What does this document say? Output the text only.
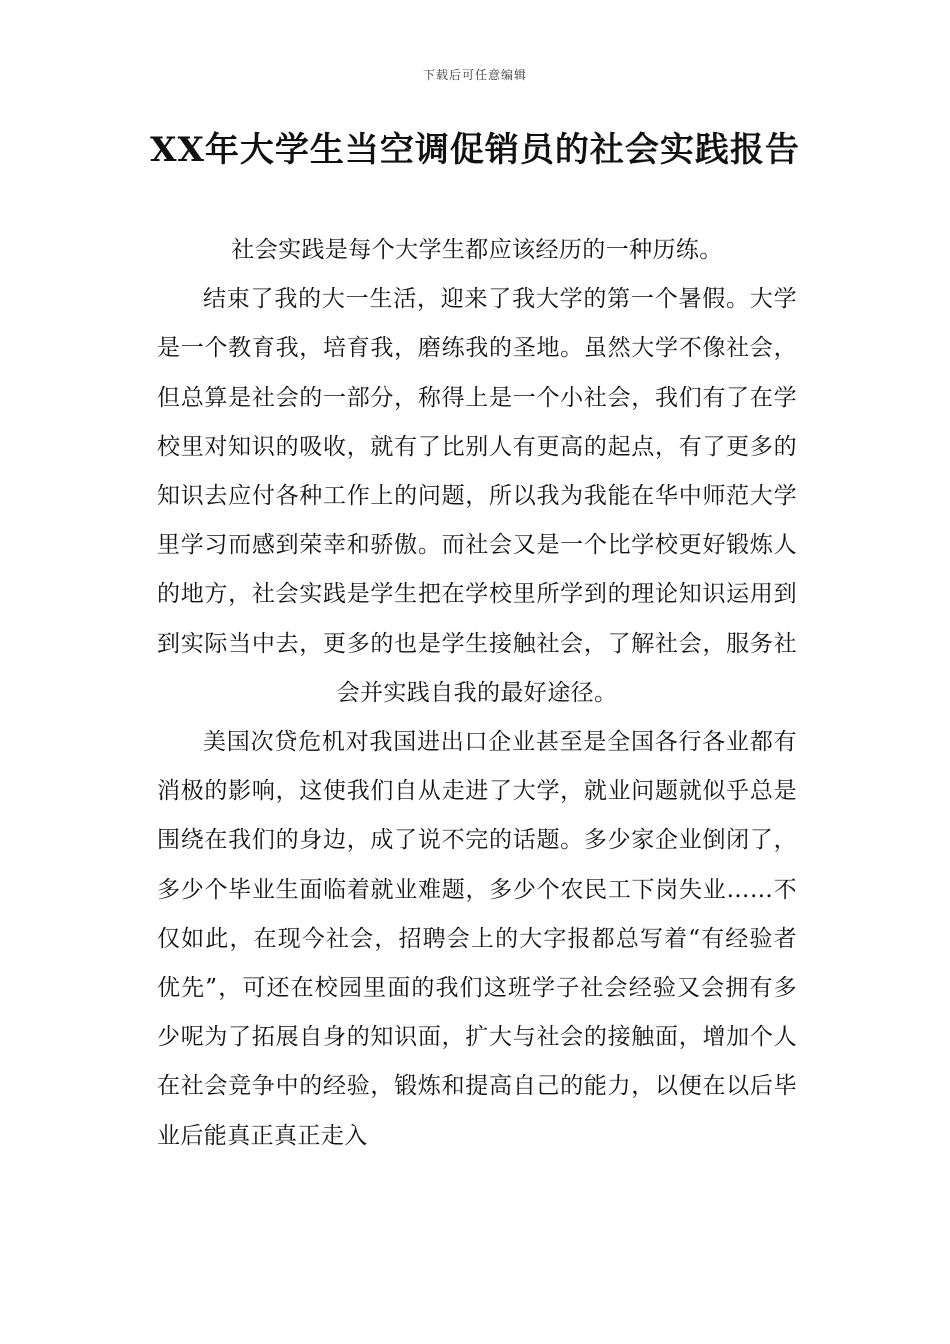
下载后可任意编辑
XX年大学生当空调促销员的社会实践报告

社会实践是每个大学生都应该经历的一种历练。

结束了我的大一生活，迎来了我大学的第一个暑假。大学是一个教育我，培育我，磨练我的圣地。虽然大学不像社会，但总算是社会的一部分，称得上是一个小社会，我们有了在学校里对知识的吸收，就有了比别人有更高的起点，有了更多的知识去应付各种工作上的问题，所以我为我能在华中师范大学里学习而感到荣幸和骄傲。而社会又是一个比学校更好锻炼人的地方，社会实践是学生把在学校里所学到的理论知识运用到到实际当中去，更多的也是学生接触社会，了解社会，服务社会并实践自我的最好途径。

美国次贷危机对我国进出口企业甚至是全国各行各业都有消极的影响，这使我们自从走进了大学，就业问题就似乎总是围绕在我们的身边，成了说不完的话题。多少家企业倒闭了，多少个毕业生面临着就业难题，多少个农民工下岗失业……不仅如此，在现今社会，招聘会上的大字报都总写着“有经验者优先”，可还在校园里面的我们这班学子社会经验又会拥有多少呢为了拓展自身的知识面，扩大与社会的接触面，增加个人在社会竞争中的经验，锻炼和提高自己的能力，以便在以后毕业后能真正真正走入
